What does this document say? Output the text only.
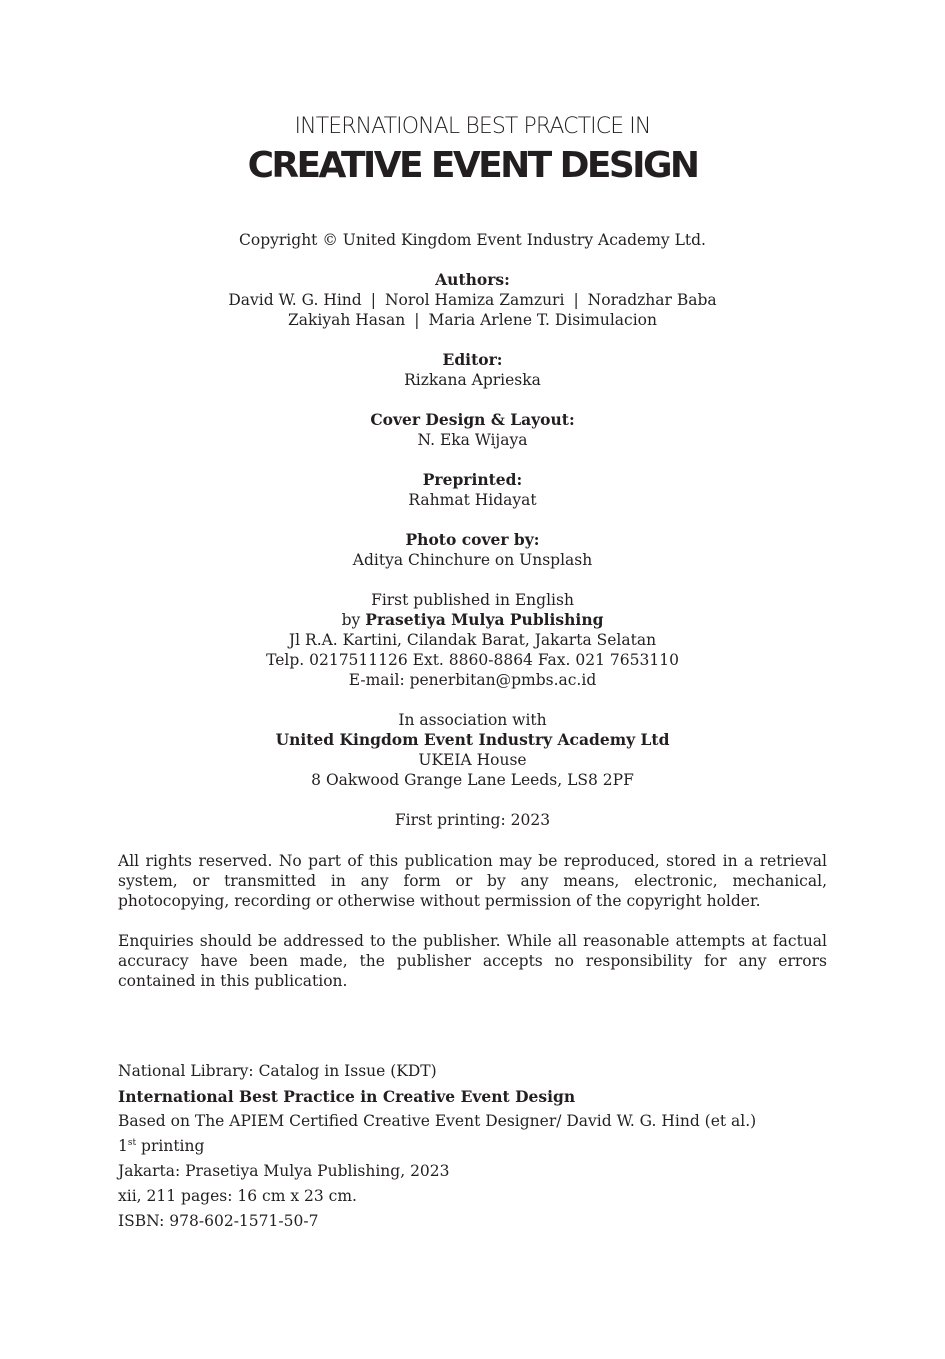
INTERNATIONAL BEST PRACTICE IN
CREATIVE EVENT DESIGN
Copyright © United Kingdom Event Industry Academy Ltd.
Authors:
David W. G. Hind | Norol Hamiza Zamzuri | Noradzhar Baba
Zakiyah Hasan | Maria Arlene T. Disimulacion
Editor:
Rizkana Aprieska
Cover Design & Layout:
N. Eka Wijaya
Preprinted:
Rahmat Hidayat
Photo cover by:
Aditya Chinchure on Unsplash
First published in English
by Prasetiya Mulya Publishing
Jl R.A. Kartini, Cilandak Barat, Jakarta Selatan
Telp. 0217511126 Ext. 8860-8864 Fax. 021 7653110
E-mail: penerbitan@pmbs.ac.id
In association with
United Kingdom Event Industry Academy Ltd
UKEIA House
8 Oakwood Grange Lane Leeds, LS8 2PF
First printing: 2023
All rights reserved. No part of this publication may be reproduced, stored in a retrieval system, or transmitted in any form or by any means, electronic, mechanical, photocopying, recording or otherwise without permission of the copyright holder.
Enquiries should be addressed to the publisher. While all reasonable attempts at factual accuracy have been made, the publisher accepts no responsibility for any errors contained in this publication.
National Library: Catalog in Issue (KDT)
International Best Practice in Creative Event Design
Based on The APIEM Certified Creative Event Designer/ David W. G. Hind (et al.)
1st printing
Jakarta: Prasetiya Mulya Publishing, 2023
xii, 211 pages: 16 cm x 23 cm.
ISBN: 978-602-1571-50-7
